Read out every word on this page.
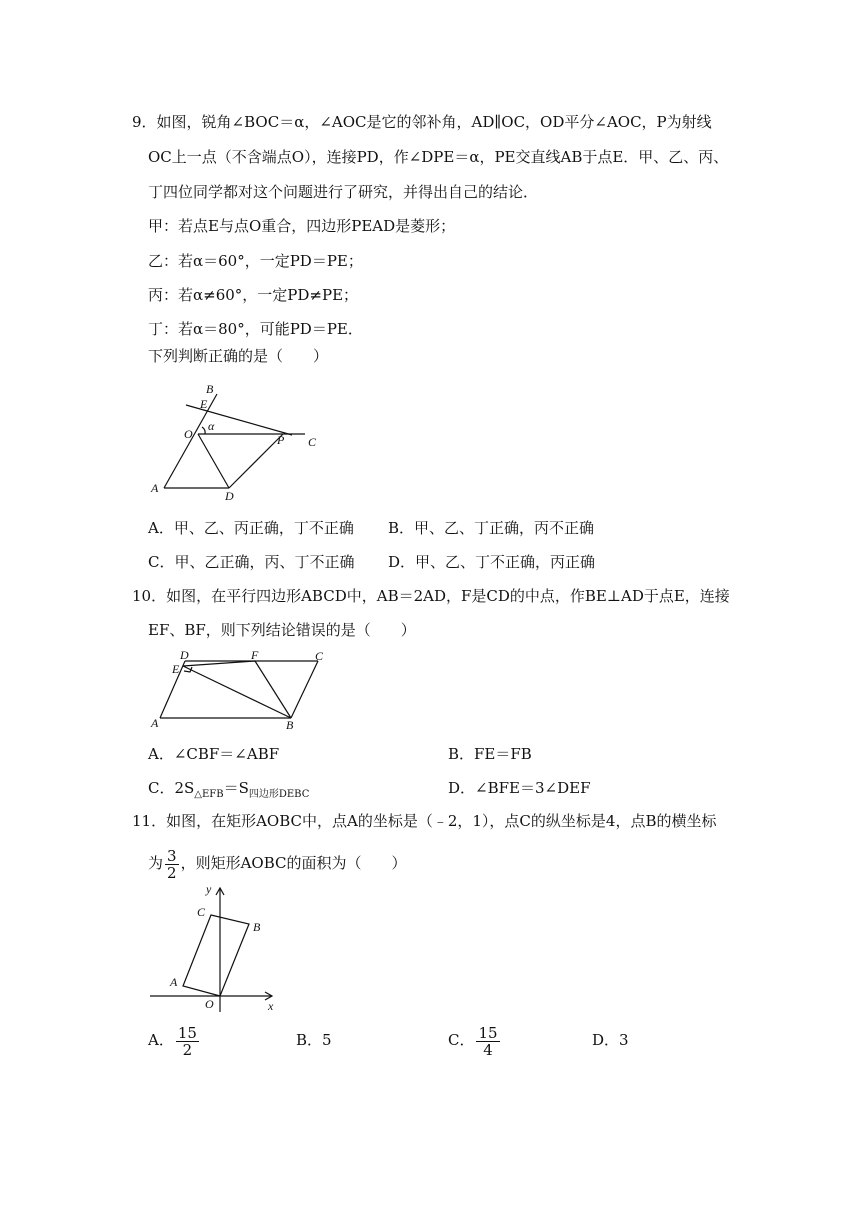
9．如图，锐角∠BOC＝α，∠AOC是它的邻补角，AD∥OC，OD平分∠AOC，P为射线
OC上一点（不含端点O），连接PD，作∠DPE＝α，PE交直线AB于点E．甲、乙、丙、
丁四位同学都对这个问题进行了研究，并得出自己的结论．
甲：若点E与点O重合，四边形PEAD是菱形；
乙：若α＝60°，一定PD＝PE；
丙：若α≠60°，一定PD≠PE；
丁：若α＝80°，可能PD＝PE．
下列判断正确的是（　　）
B
E
O
α
P C
A
D
A．甲、乙、丙正确，丁不正确 B．甲、乙、丁正确，丙不正确
C．甲、乙正确，丙、丁不正确 D．甲、乙、丁不正确，丙正确
10．如图，在平行四边形ABCD中，AB＝2AD，F是CD的中点，作BE⊥AD于点E，连接
EF、BF，则下列结论错误的是（　　）
D	F	C
E
A	B
A．∠CBF＝∠ABF	B．FE＝FB
C．$2S_{\triangle EFB}=S_{四边形DEBC}$	D．∠BFE＝3∠DEF
11．如图，在矩形AOBC中，点A的坐标是（﹣2，1），点C的纵坐标是4，点B的横坐标
为 $\frac{3}{2}$ ，则矩形AOBC的面积为（　　）
y
C
B
A
O	x
A． $\frac{15}{2}$	B．5	C． $\frac{15}{4}$	D．3
